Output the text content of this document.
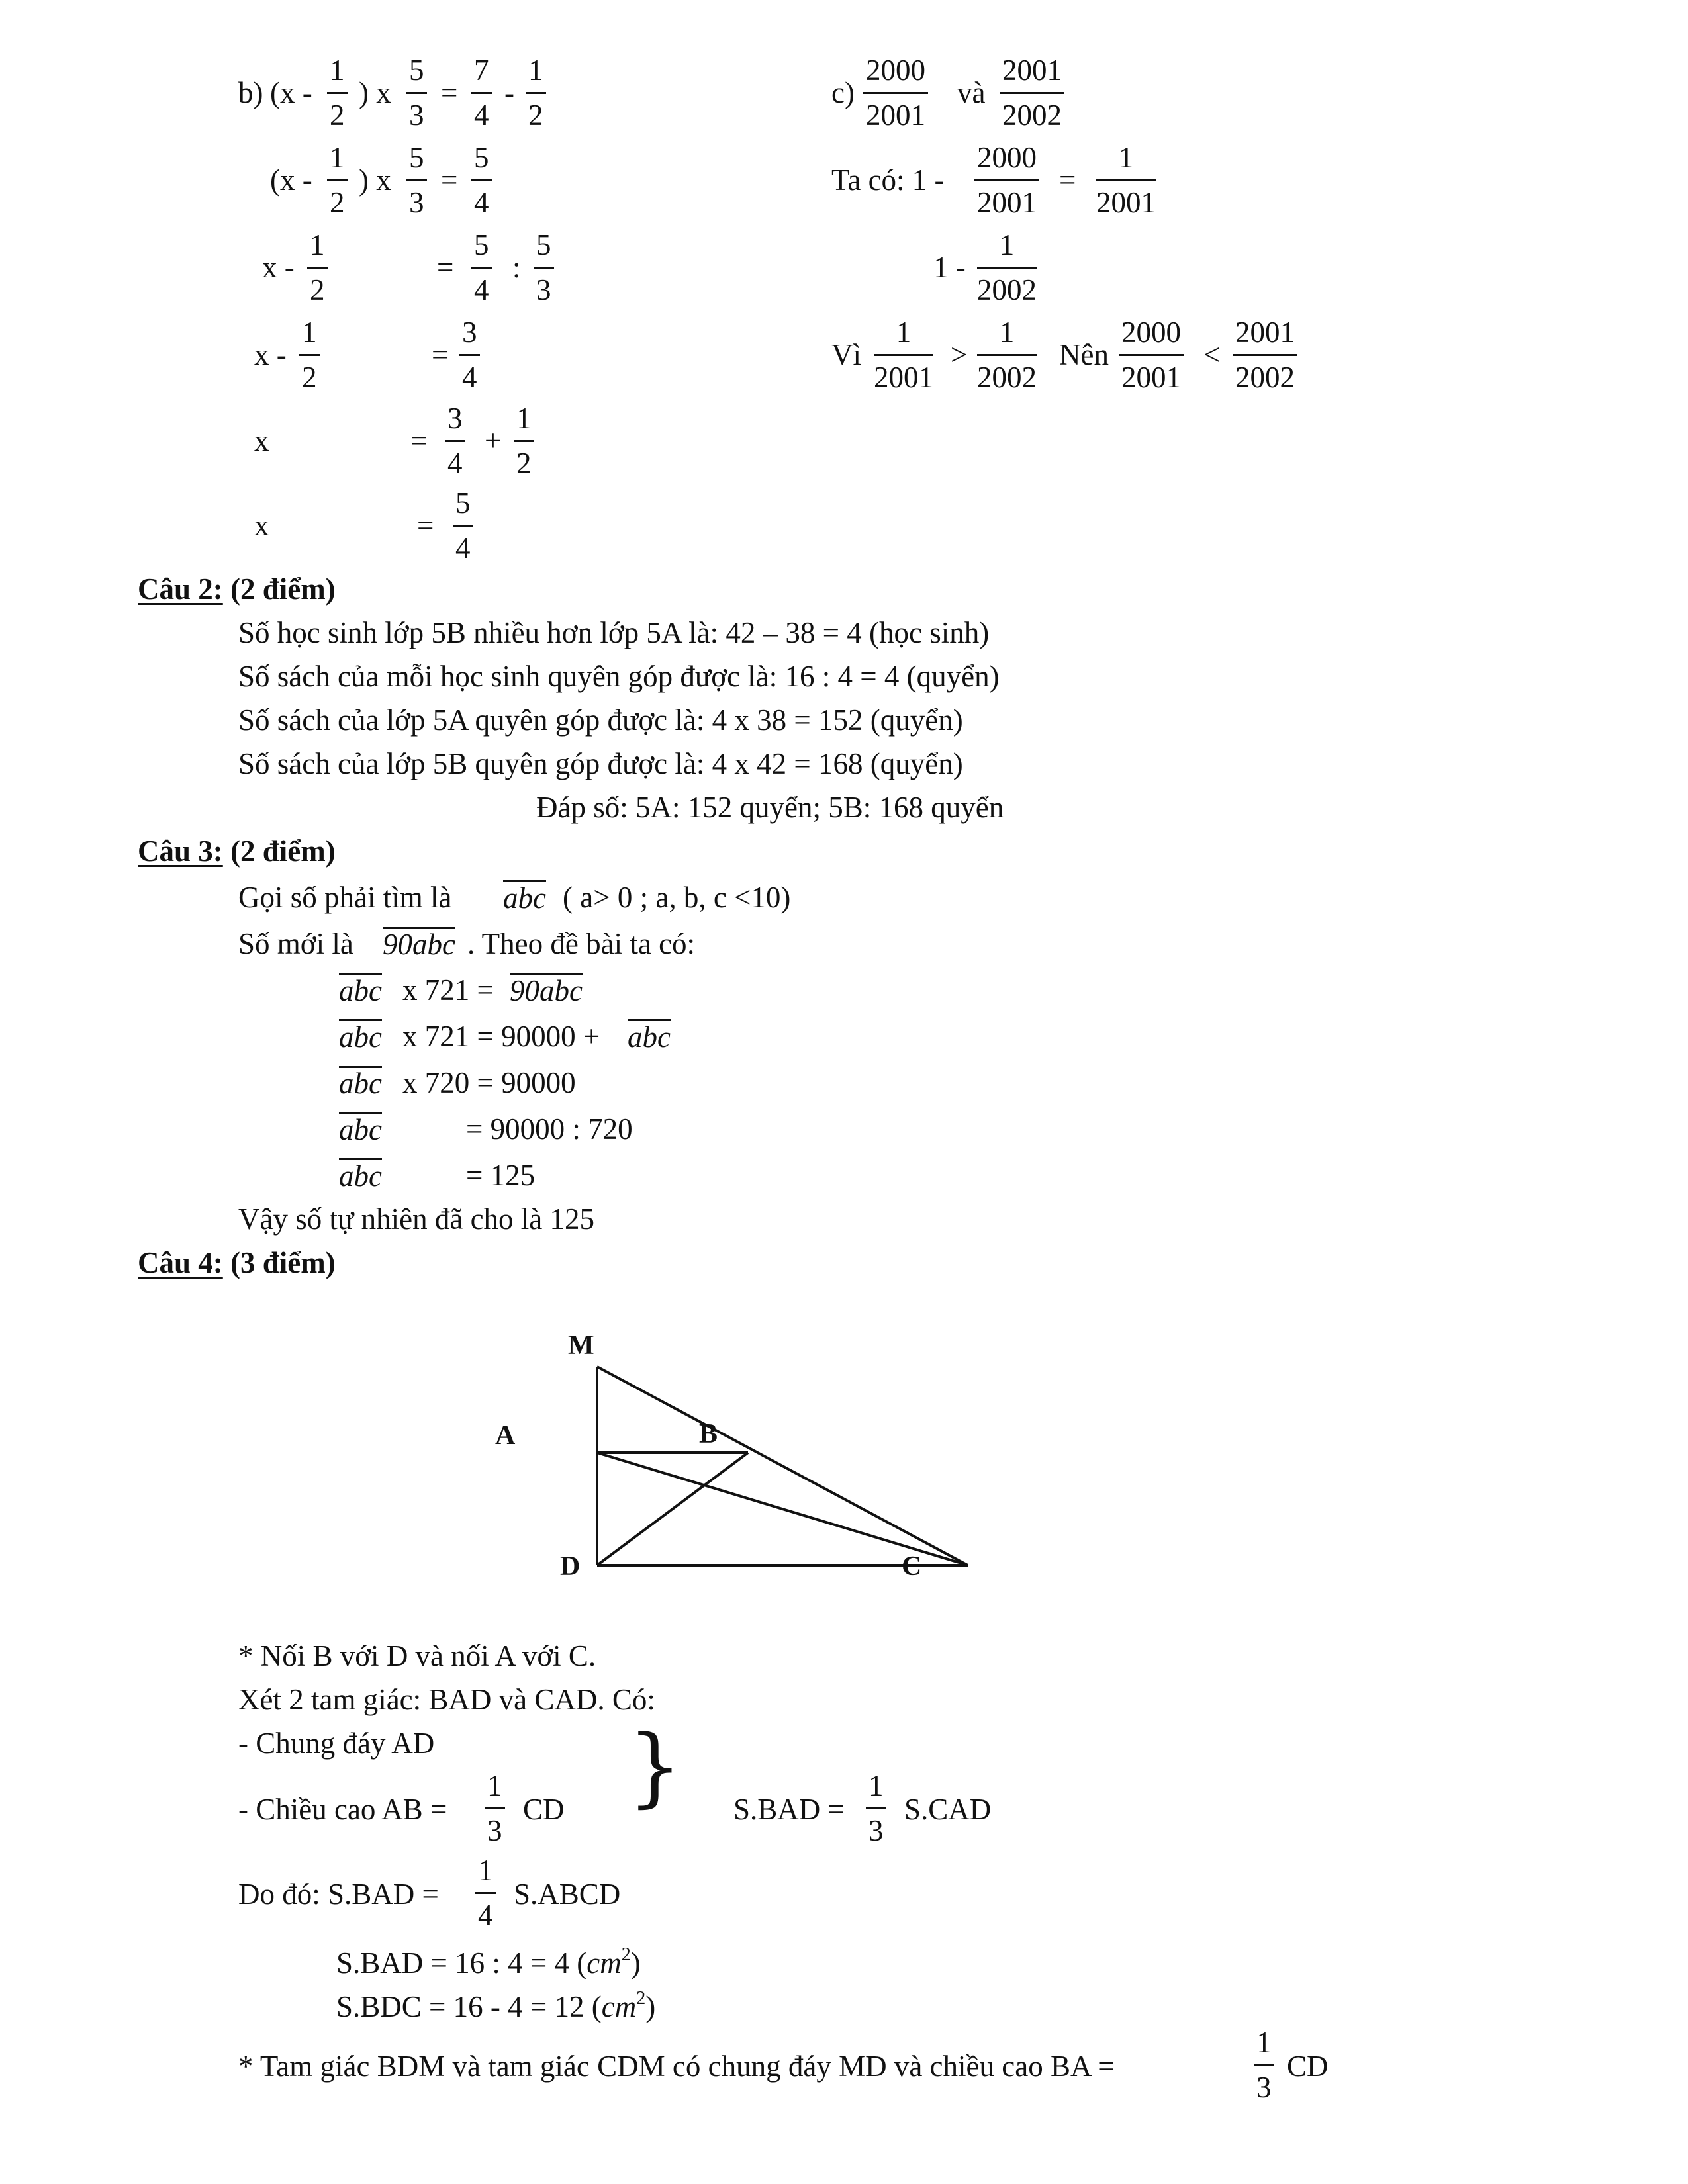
b) ($x - \frac{1}{2}$ ) x $\frac{5}{3} = \frac{7}{4} - \frac{1}{2}$
($x - \frac{1}{2}$ ) x $\frac{5}{3} = \frac{5}{4}$
x - $\frac{1}{2}$	= $\frac{5}{4}$ : $\frac{5}{3}$
x - $\frac{1}{2}$	= $\frac{3}{4}$
x	= $\frac{3}{4} + \frac{1}{2}$
x	= $\frac{5}{4}$
$c) \frac{2000}{2001}$ và $\frac{2001}{2002}$
Ta có: $1 - \frac{2000}{2001} = \frac{1}{2001}$
$1 - \frac{1}{2002}$
Vì $\frac{1}{2001} > \frac{1}{2002}$ Nên $\frac{2000}{2001} < \frac{2001}{2002}$
Câu 2: (2 điểm)
Số học sinh lớp 5B nhiều hơn lớp 5A là: 42 – 38 = 4 (học sinh)
Số sách của mỗi học sinh quyên góp được là: 16 : 4 = 4 (quyển)
Số sách của lớp 5A quyên góp được là: 4 x 38 = 152 (quyển)
Số sách của lớp 5B quyên góp được là: 4 x 42 = 168 (quyển)
Đáp số: 5A: 152 quyển; 5B: 168 quyển
Câu 3: (2 điểm)
Gọi số phải tìm là abc ( a> 0 ; a, b, c <10)
Số mới là 90abc . Theo đề bài ta có:
abc x 721 = 90abc
abc x 721 = 90000 + abc
abc x 720 = 90000
abc	= 90000 : 720
abc	= 125
Vậy số tự nhiên đã cho là 125
Câu 4: (3 điểm)
M
A	B
D	C
* Nối B với D và nối A với C.
Xét 2 tam giác: BAD và CAD. Có:
- Chung đáy AD
- Chiều cao AB = $\frac{1}{3}$ CD } $S.BAD = \frac{1}{3} S.CAD$
Do đó: $S.BAD = \frac{1}{4}$ S.ABCD
S.BAD = 16 : 4 = 4 $(cm^2)$
S.BDC = 16 - 4 = 12 $(cm^2)$
* Tam giác BDM và tam giác CDM có chung đáy MD và chiều cao BA =	$\frac{1}{3}$ CD
